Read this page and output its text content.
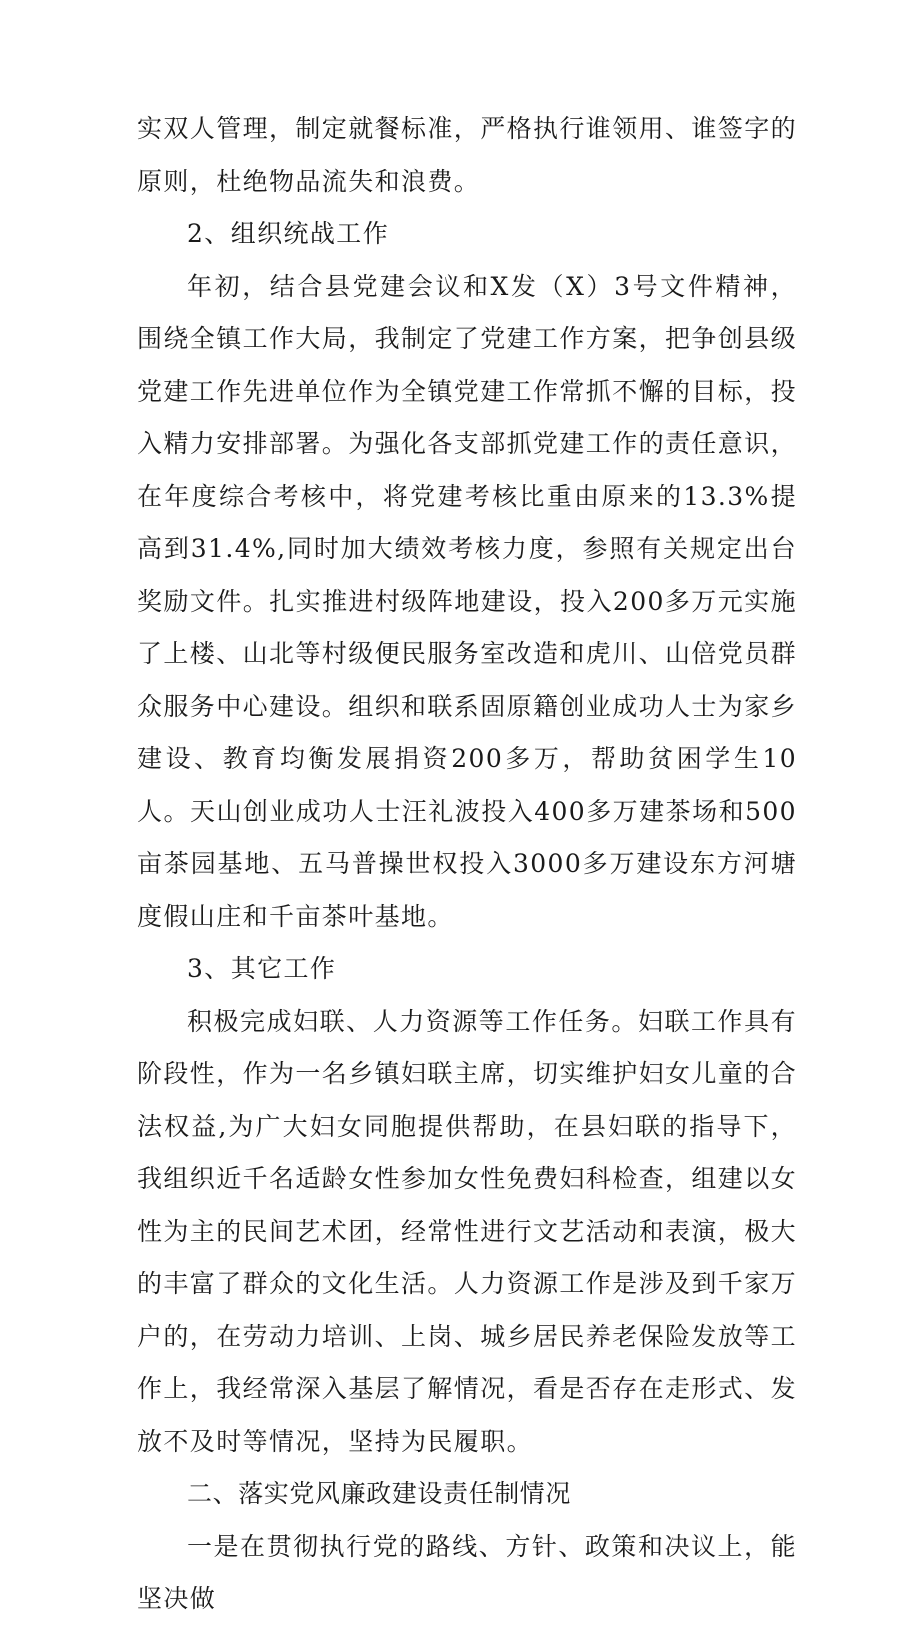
实双人管理，制定就餐标准，严格执行谁领用、谁签字的原则，杜绝物品流失和浪费。

2、组织统战工作

年初，结合县党建会议和X发（X）3号文件精神，围绕全镇工作大局，我制定了党建工作方案，把争创县级党建工作先进单位作为全镇党建工作常抓不懈的目标，投入精力安排部署。为强化各支部抓党建工作的责任意识，在年度综合考核中，将党建考核比重由原来的13.3%提高到31.4%,同时加大绩效考核力度，参照有关规定出台奖励文件。扎实推进村级阵地建设，投入200多万元实施了上楼、山北等村级便民服务室改造和虎川、山倍党员群众服务中心建设。组织和联系固原籍创业成功人士为家乡建设、教育均衡发展捐资200多万，帮助贫困学生10人。天山创业成功人士汪礼波投入400多万建茶场和500亩茶园基地、五马普操世权投入3000多万建设东方河塘度假山庄和千亩茶叶基地。

3、其它工作

积极完成妇联、人力资源等工作任务。妇联工作具有阶段性，作为一名乡镇妇联主席，切实维护妇女儿童的合法权益,为广大妇女同胞提供帮助，在县妇联的指导下，我组织近千名适龄女性参加女性免费妇科检查，组建以女性为主的民间艺术团，经常性进行文艺活动和表演，极大的丰富了群众的文化生活。人力资源工作是涉及到千家万户的，在劳动力培训、上岗、城乡居民养老保险发放等工作上，我经常深入基层了解情况，看是否存在走形式、发放不及时等情况，坚持为民履职。

二、落实党风廉政建设责任制情况

一是在贯彻执行党的路线、方针、政策和决议上，能坚决做
